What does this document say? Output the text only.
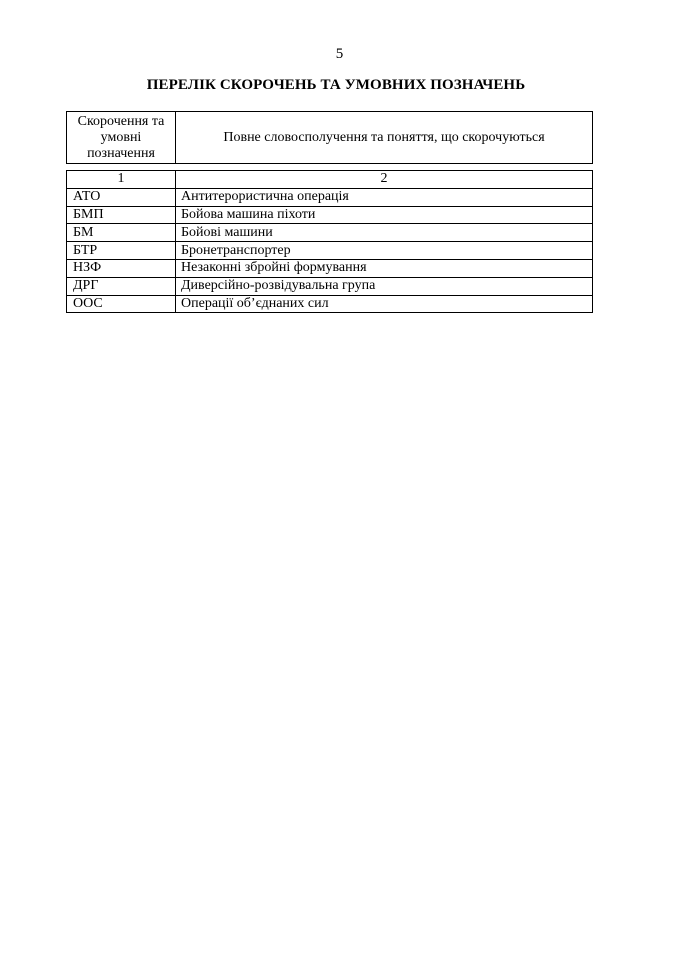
5
ПЕРЕЛІК СКОРОЧЕНЬ ТА УМОВНИХ ПОЗНАЧЕНЬ
Скорочення та умовні позначення	Повне словосполучення та поняття, що скорочуються
1	2
АТО	Антитерористична операція
БМП	Бойова машина піхоти
БМ	Бойові машини
БТР	Бронетранспортер
НЗФ	Незаконні збройні формування
ДРГ	Диверсійно-розвідувальна група
ООС	Операції об’єднаних сил
